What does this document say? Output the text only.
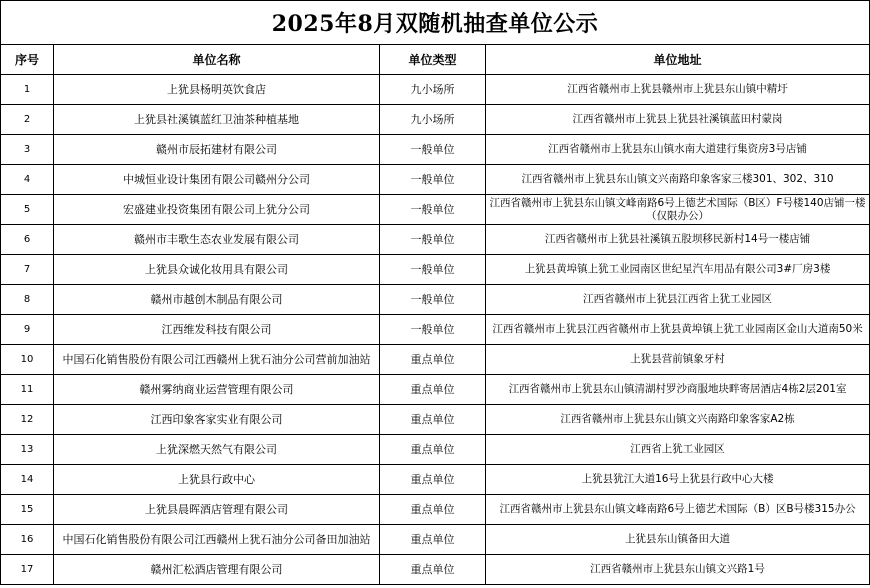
2025年8月双随机抽查单位公示			
序号	单位名称	单位类型	单位地址
1	上犹县杨明英饮食店	九小场所	江西省赣州市上犹县赣州市上犹县东山镇中精圩
2	上犹县社溪镇蓝红卫油茶种植基地	九小场所	江西省赣州市上犹县上犹县社溪镇蓝田村蒙岗
3	赣州市辰拓建材有限公司	一般单位	江西省赣州市上犹县东山镇水南大道建行集资房3号店铺
4	中城恒业设计集团有限公司赣州分公司	一般单位	江西省赣州市上犹县东山镇文兴南路印象客家三楼301、302、310
5	宏盛建业投资集团有限公司上犹分公司	一般单位	江西省赣州市上犹县东山镇文峰南路6号上德艺术国际（B区）F号楼140店铺一楼（仅限办公）
6	赣州市丰歌生态农业发展有限公司	一般单位	江西省赣州市上犹县社溪镇五股坝移民新村14号一楼店铺
7	上犹县众诚化妆用具有限公司	一般单位	上犹县黄埠镇上犹工业园南区世纪星汽车用品有限公司3#厂房3楼
8	赣州市越创木制品有限公司	一般单位	江西省赣州市上犹县江西省上犹工业园区
9	江西维发科技有限公司	一般单位	江西省赣州市上犹县江西省赣州市上犹县黄埠镇上犹工业园南区金山大道南50米
10	中国石化销售股份有限公司江西赣州上犹石油分公司营前加油站	重点单位	上犹县营前镇象牙村
11	赣州雾纳商业运营管理有限公司	重点单位	江西省赣州市上犹县东山镇清湖村罗沙商服地块畔寄居酒店4栋2层201室
12	江西印象客家实业有限公司	重点单位	江西省赣州市上犹县东山镇文兴南路印象客家A2栋
13	上犹深燃天然气有限公司	重点单位	江西省上犹工业园区
14	上犹县行政中心	重点单位	上犹县犹江大道16号上犹县行政中心大楼
15	上犹县晨晖酒店管理有限公司	重点单位	江西省赣州市上犹县东山镇文峰南路6号上德艺术国际（B）区B号楼315办公
16	中国石化销售股份有限公司江西赣州上犹石油分公司备田加油站	重点单位	上犹县东山镇备田大道
17	赣州汇松酒店管理有限公司	重点单位	江西省赣州市上犹县东山镇文兴路1号
